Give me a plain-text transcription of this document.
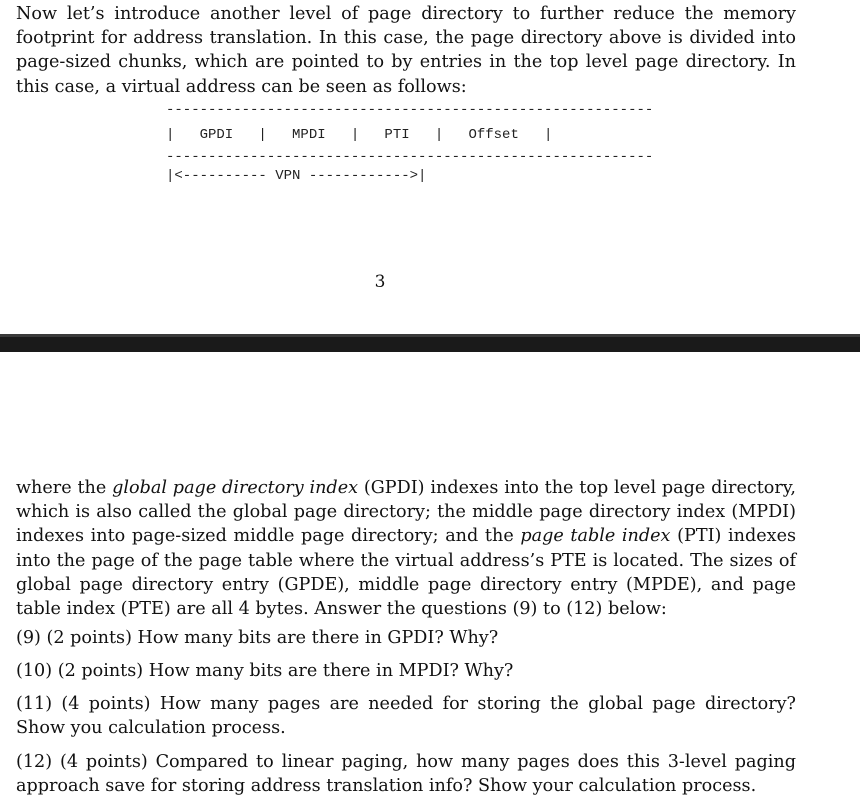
Now let’s introduce another level of page directory to further reduce the memory footprint for address translation. In this case, the page directory above is divided into page-sized chunks, which are pointed to by entries in the top level page directory. In this case, a virtual address can be seen as follows:

----------------------------------------------------------
|   GPDI   |   MPDI   |   PTI   |   Offset   |
----------------------------------------------------------
|<---------- VPN ------------>|
3

where the global page directory index (GPDI) indexes into the top level page directory, which is also called the global page directory; the middle page directory index (MPDI) indexes into page-sized middle page directory; and the page table index (PTI) indexes into the page of the page table where the virtual address’s PTE is located. The sizes of global page directory entry (GPDE), middle page directory entry (MPDE), and page table index (PTE) are all 4 bytes. Answer the questions (9) to (12) below:

(9) (2 points) How many bits are there in GPDI? Why?

(10) (2 points) How many bits are there in MPDI? Why?

(11) (4 points) How many pages are needed for storing the global page directory? Show you calculation process.

(12) (4 points) Compared to linear paging, how many pages does this 3-level paging approach save for storing address translation info? Show your calculation process.
